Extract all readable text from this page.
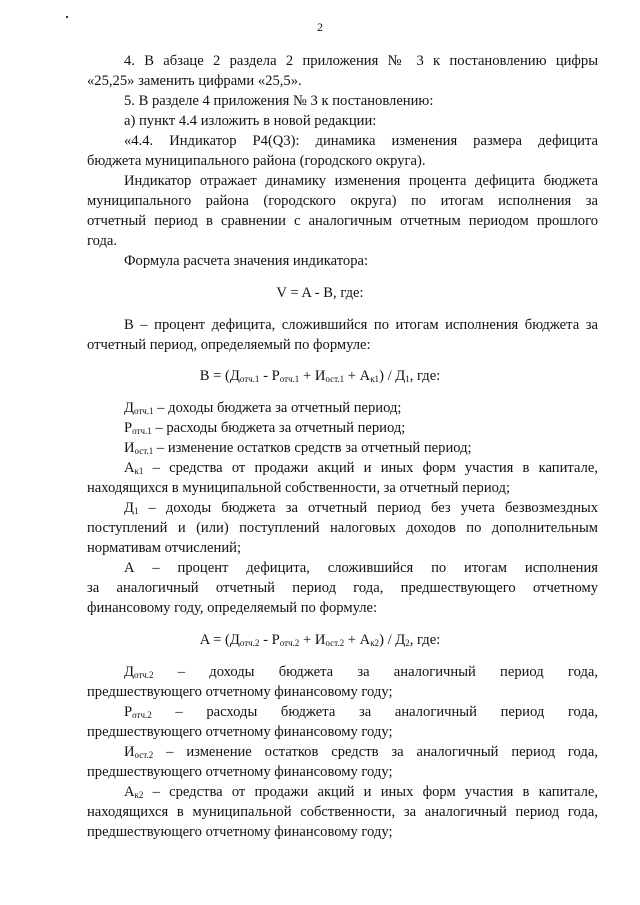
2
4. В абзаце 2 раздела 2 приложения № 3 к постановлению цифры
«25,25» заменить цифрами «25,5».
5. В разделе 4 приложения № 3 к постановлению:
а) пункт 4.4 изложить в новой редакции:
«4.4. Индикатор Р4(Q3): динамика изменения размера дефицита
бюджета муниципального района (городского округа).
Индикатор отражает динамику изменения процента дефицита бюджета
муниципального района (городского округа) по итогам исполнения за
отчетный период в сравнении с аналогичным отчетным периодом прошлого
года.
Формула расчета значения индикатора:
V = A - B, где:
B – процент дефицита, сложившийся по итогам исполнения бюджета за
отчетный период, определяемый по формуле:
$B = (Д_{отч.1} - Р_{отч.1} + И_{ост.1} + А_{к1}) / Д_1$, где:
$Д_{отч.1}$ – доходы бюджета за отчетный период;
$Р_{отч.1}$ – расходы бюджета за отчетный период;
$И_{ост.1}$ – изменение остатков средств за отчетный период;
$А_{к1}$ – средства от продажи акций и иных форм участия в капитале,
находящихся в муниципальной собственности, за отчетный период;
$Д_1$ – доходы бюджета за отчетный период без учета безвозмездных
поступлений и (или) поступлений налоговых доходов по дополнительным
нормативам отчислений;
А – процент дефицита, сложившийся по итогам исполнения
за аналогичный отчетный период года, предшествующего отчетному
финансовому году, определяемый по формуле:
$A = (Д_{отч.2} - Р_{отч.2} + И_{ост.2} + А_{к2}) / Д_2$, где:
$Д_{отч.2}$ – доходы бюджета за аналогичный период года,
предшествующего отчетному финансовому году;
$Р_{отч.2}$ – расходы бюджета за аналогичный период года,
предшествующего отчетному финансовому году;
$И_{ост.2}$ – изменение остатков средств за аналогичный период года,
предшествующего отчетному финансовому году;
$А_{к2}$ – средства от продажи акций и иных форм участия в капитале,
находящихся в муниципальной собственности, за аналогичный период года,
предшествующего отчетному финансовому году;
